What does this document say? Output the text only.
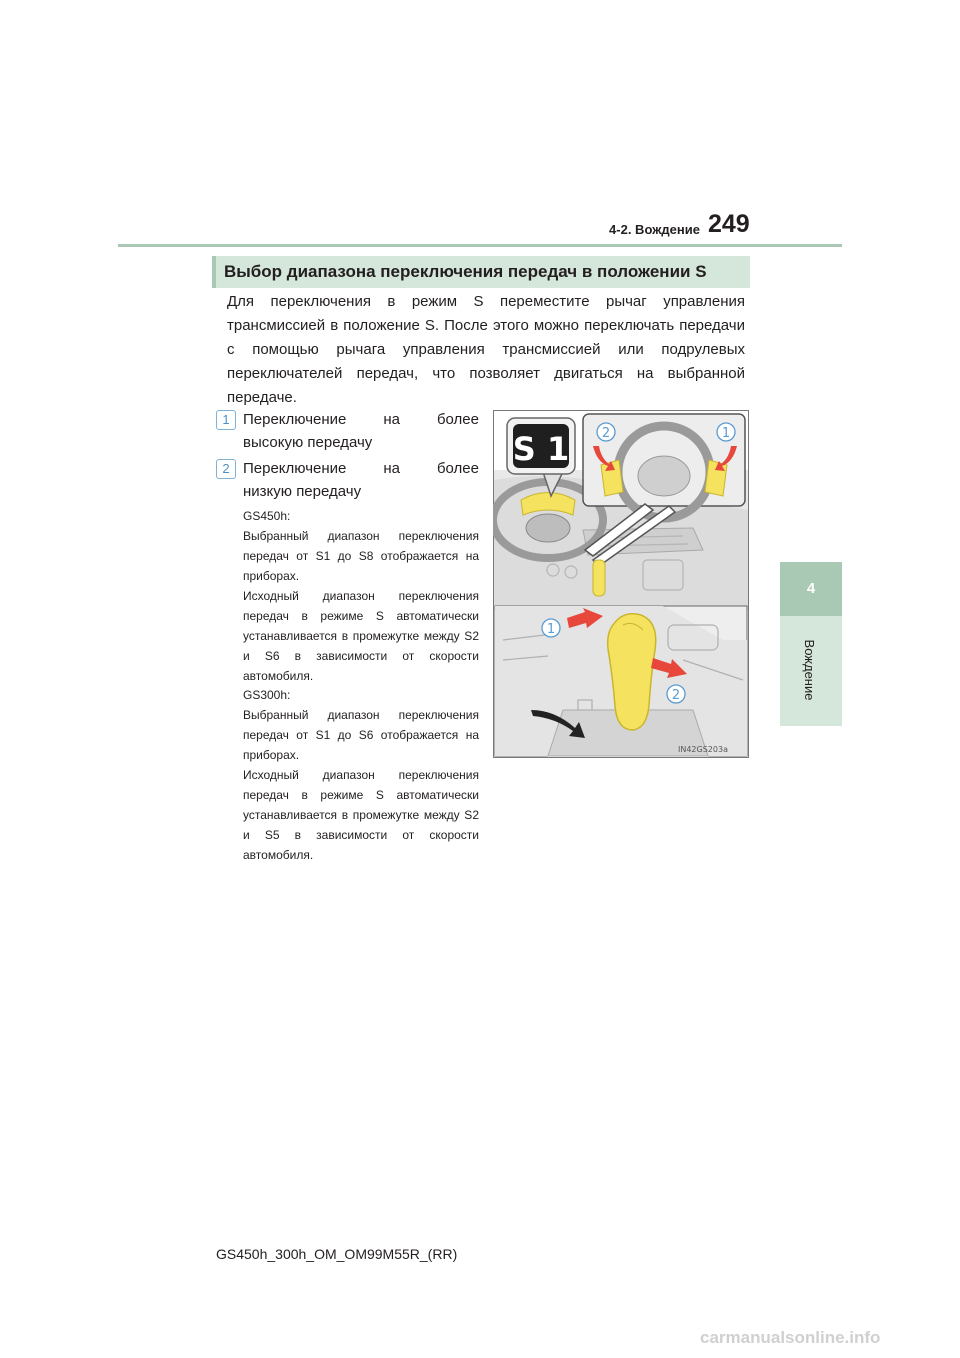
4-2. Вождение 249
4
Вождение
Выбор диапазона переключения передач в положении S
Для переключения в режим S переместите рычаг управления трансмиссией в положение S. После этого можно переключать передачи с помощью рычага управления трансмиссией или подрулевых переключателей передач, что позволяет двигаться на выбранной передаче.
1 Переключение на более
высокую передачу
2 Переключение на более
низкую передачу
GS450h:
Выбранный диапазон переключения передач от S1 до S8 отображается на приборах.
Исходный диапазон переключения передач в режиме S автоматически устанавливается в промежутке между S2 и S6 в зависимости от скорости автомобиля.
GS300h:
Выбранный диапазон переключения передач от S1 до S6 отображается на приборах.
Исходный диапазон переключения передач в режиме S автоматически устанавливается в промежутке между S2 и S5 в зависимости от скорости автомобиля.
S 1	2	1
1
2
IN42GS203a
GS450h_300h_OM_OM99M55R_(RR)
carmanualsonline.info
